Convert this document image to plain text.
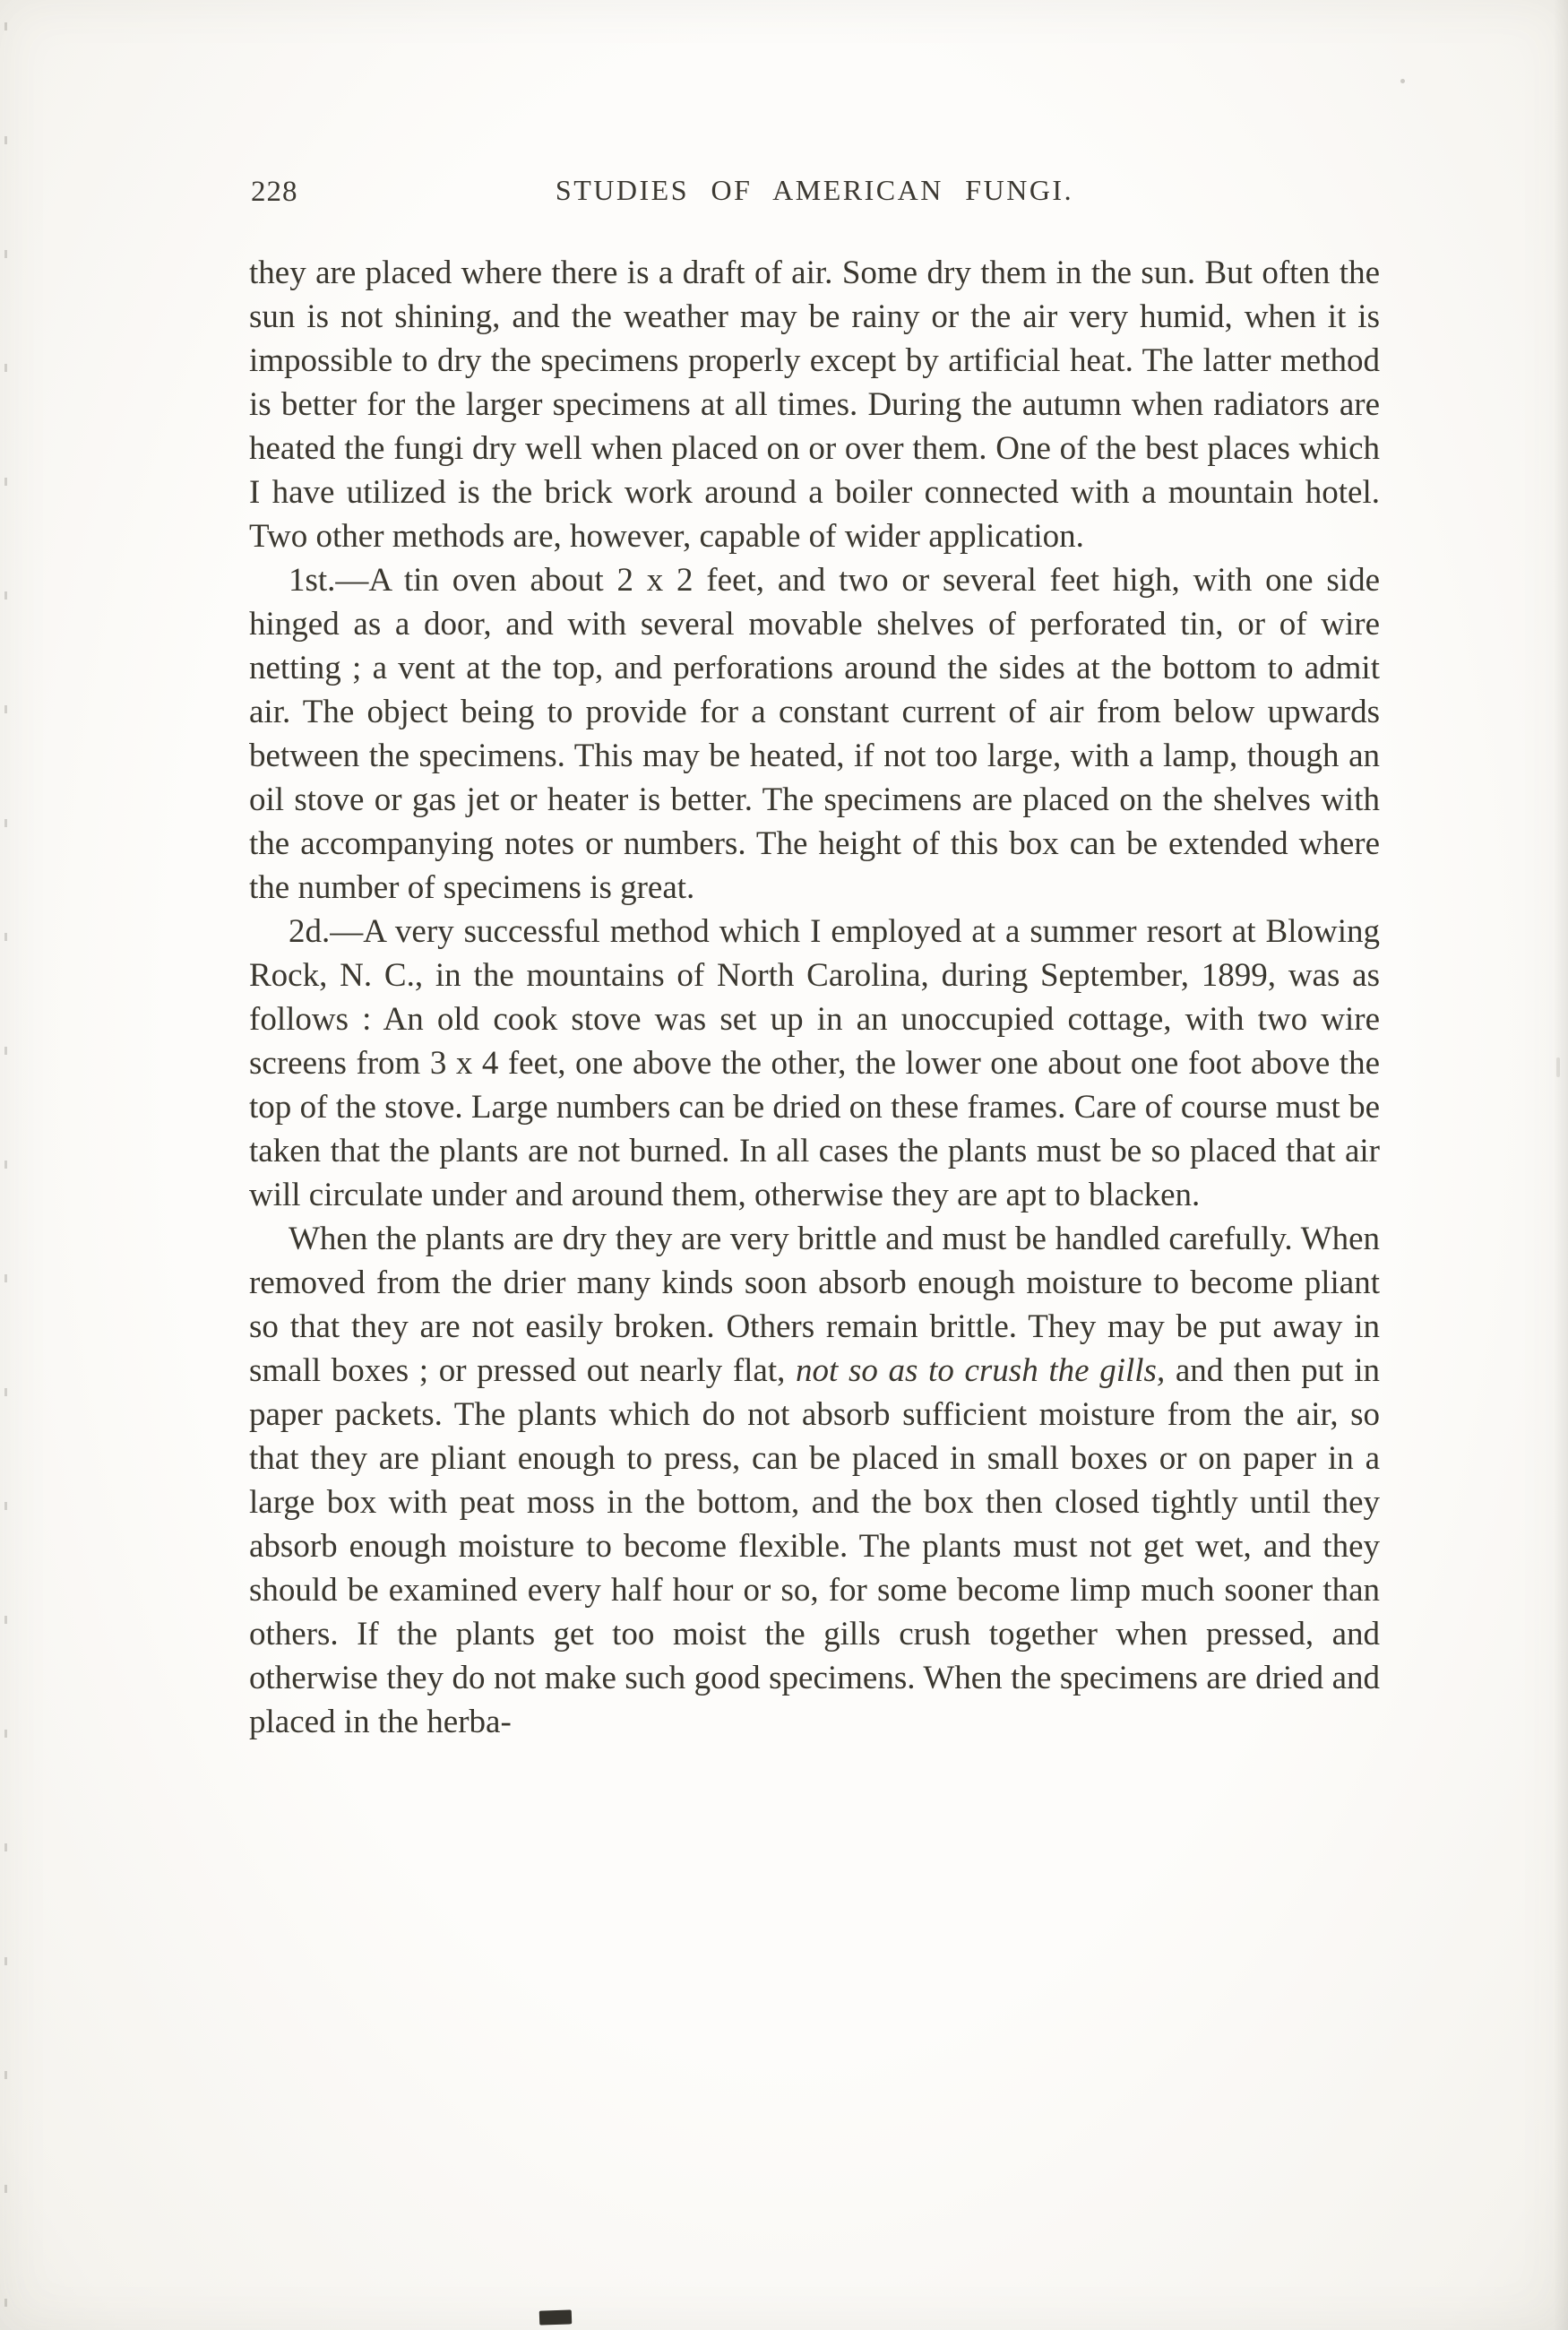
228	STUDIES OF AMERICAN FUNGI.

they are placed where there is a draft of air. Some dry them in the sun. But often the sun is not shining, and the weather may be rainy or the air very humid, when it is impossible to dry the specimens properly except by artificial heat. The latter method is better for the larger specimens at all times. During the autumn when radiators are heated the fungi dry well when placed on or over them. One of the best places which I have utilized is the brick work around a boiler connected with a mountain hotel. Two other methods are, however, capable of wider application.

1st.—A tin oven about 2 x 2 feet, and two or several feet high, with one side hinged as a door, and with several movable shelves of perforated tin, or of wire netting ; a vent at the top, and perforations around the sides at the bottom to admit air. The object being to provide for a constant current of air from below upwards between the specimens. This may be heated, if not too large, with a lamp, though an oil stove or gas jet or heater is better. The specimens are placed on the shelves with the accompanying notes or numbers. The height of this box can be extended where the number of specimens is great.

2d.—A very successful method which I employed at a summer resort at Blowing Rock, N. C., in the mountains of North Carolina, during September, 1899, was as follows : An old cook stove was set up in an unoccupied cottage, with two wire screens from 3 x 4 feet, one above the other, the lower one about one foot above the top of the stove. Large numbers can be dried on these frames. Care of course must be taken that the plants are not burned. In all cases the plants must be so placed that air will circulate under and around them, otherwise they are apt to blacken.

When the plants are dry they are very brittle and must be handled carefully. When removed from the drier many kinds soon absorb enough moisture to become pliant so that they are not easily broken. Others remain brittle. They may be put away in small boxes ; or pressed out nearly flat, not so as to crush the gills, and then put in paper packets. The plants which do not absorb sufficient moisture from the air, so that they are pliant enough to press, can be placed in small boxes or on paper in a large box with peat moss in the bottom, and the box then closed tightly until they absorb enough moisture to become flexible. The plants must not get wet, and they should be examined every half hour or so, for some become limp much sooner than others. If the plants get too moist the gills crush together when pressed, and otherwise they do not make such good specimens. When the specimens are dried and placed in the herba-
